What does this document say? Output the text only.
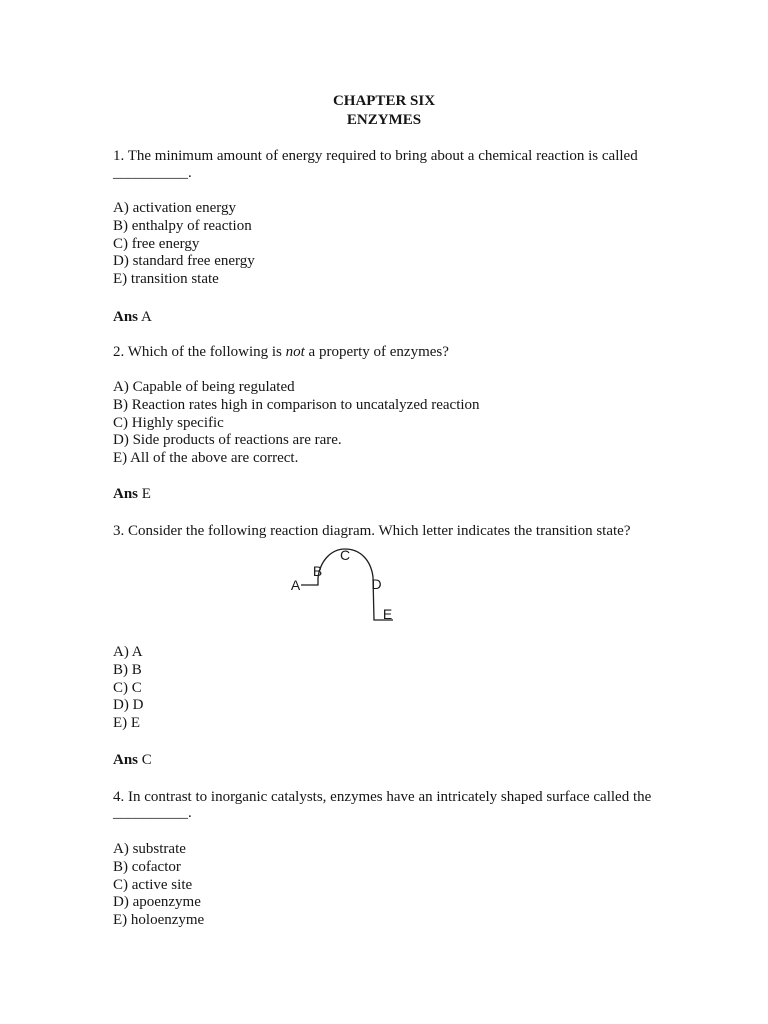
CHAPTER SIX
ENZYMES
1. The minimum amount of energy required to bring about a chemical reaction is called
__________.
A) activation energy
B) enthalpy of reaction
C) free energy
D) standard free energy
E) transition state
Ans A
2. Which of the following is not a property of enzymes?
A) Capable of being regulated
B) Reaction rates high in comparison to uncatalyzed reaction
C) Highly specific
D) Side products of reactions are rare.
E) All of the above are correct.
Ans E
3. Consider the following reaction diagram. Which letter indicates the transition state?
A
B
C
D
E
A) A
B) B
C) C
D) D
E) E
Ans C
4. In contrast to inorganic catalysts, enzymes have an intricately shaped surface called the
__________.
A) substrate
B) cofactor
C) active site
D) apoenzyme
E) holoenzyme
